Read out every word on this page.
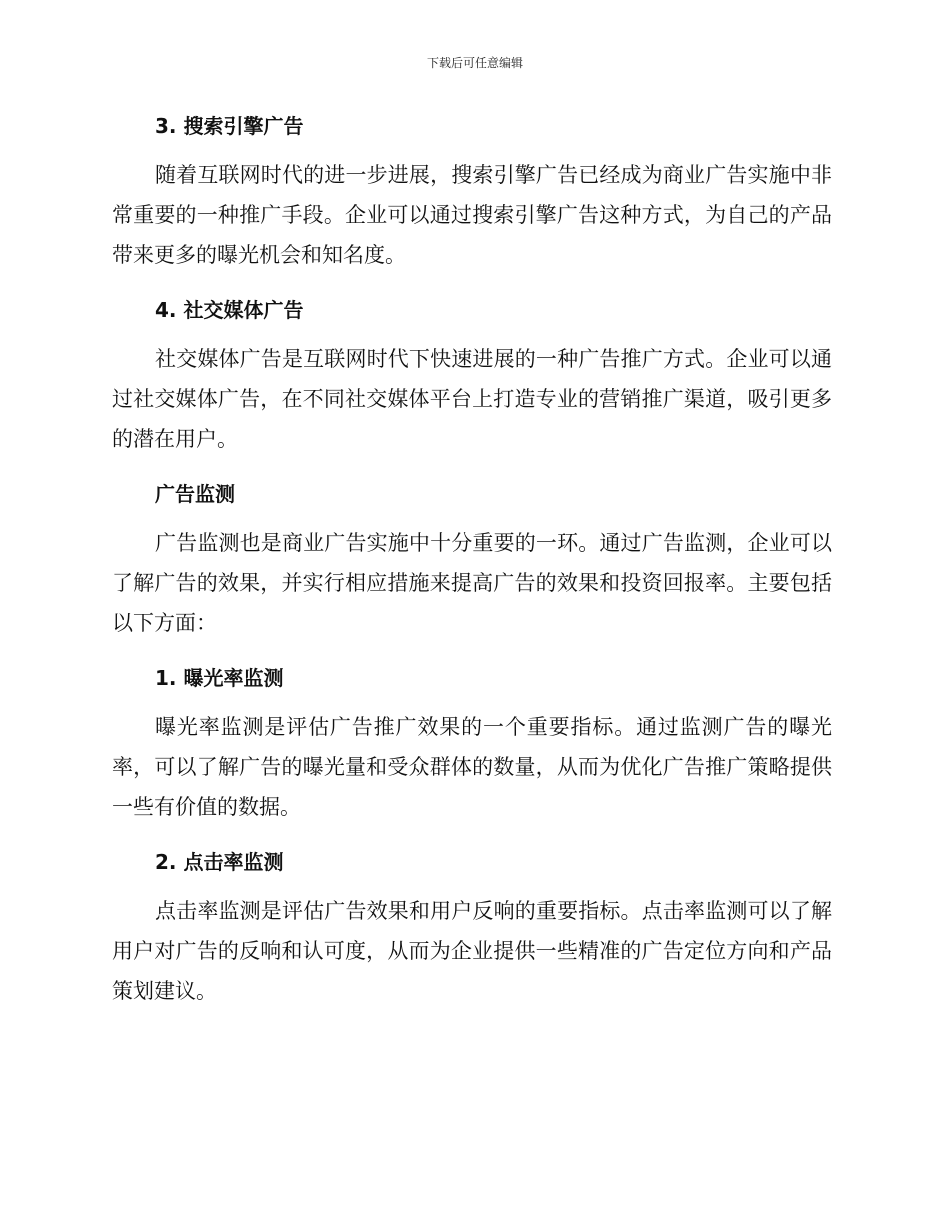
下载后可任意编辑
3. 搜索引擎广告

随着互联网时代的进一步进展，搜索引擎广告已经成为商业广告实施中非常重要的一种推广手段。企业可以通过搜索引擎广告这种方式，为自己的产品带来更多的曝光机会和知名度。

4. 社交媒体广告

社交媒体广告是互联网时代下快速进展的一种广告推广方式。企业可以通过社交媒体广告，在不同社交媒体平台上打造专业的营销推广渠道，吸引更多的潜在用户。

广告监测

广告监测也是商业广告实施中十分重要的一环。通过广告监测，企业可以了解广告的效果，并实行相应措施来提高广告的效果和投资回报率。主要包括以下方面：

1. 曝光率监测

曝光率监测是评估广告推广效果的一个重要指标。通过监测广告的曝光率，可以了解广告的曝光量和受众群体的数量，从而为优化广告推广策略提供一些有价值的数据。

2. 点击率监测

点击率监测是评估广告效果和用户反响的重要指标。点击率监测可以了解用户对广告的反响和认可度，从而为企业提供一些精准的广告定位方向和产品策划建议。
